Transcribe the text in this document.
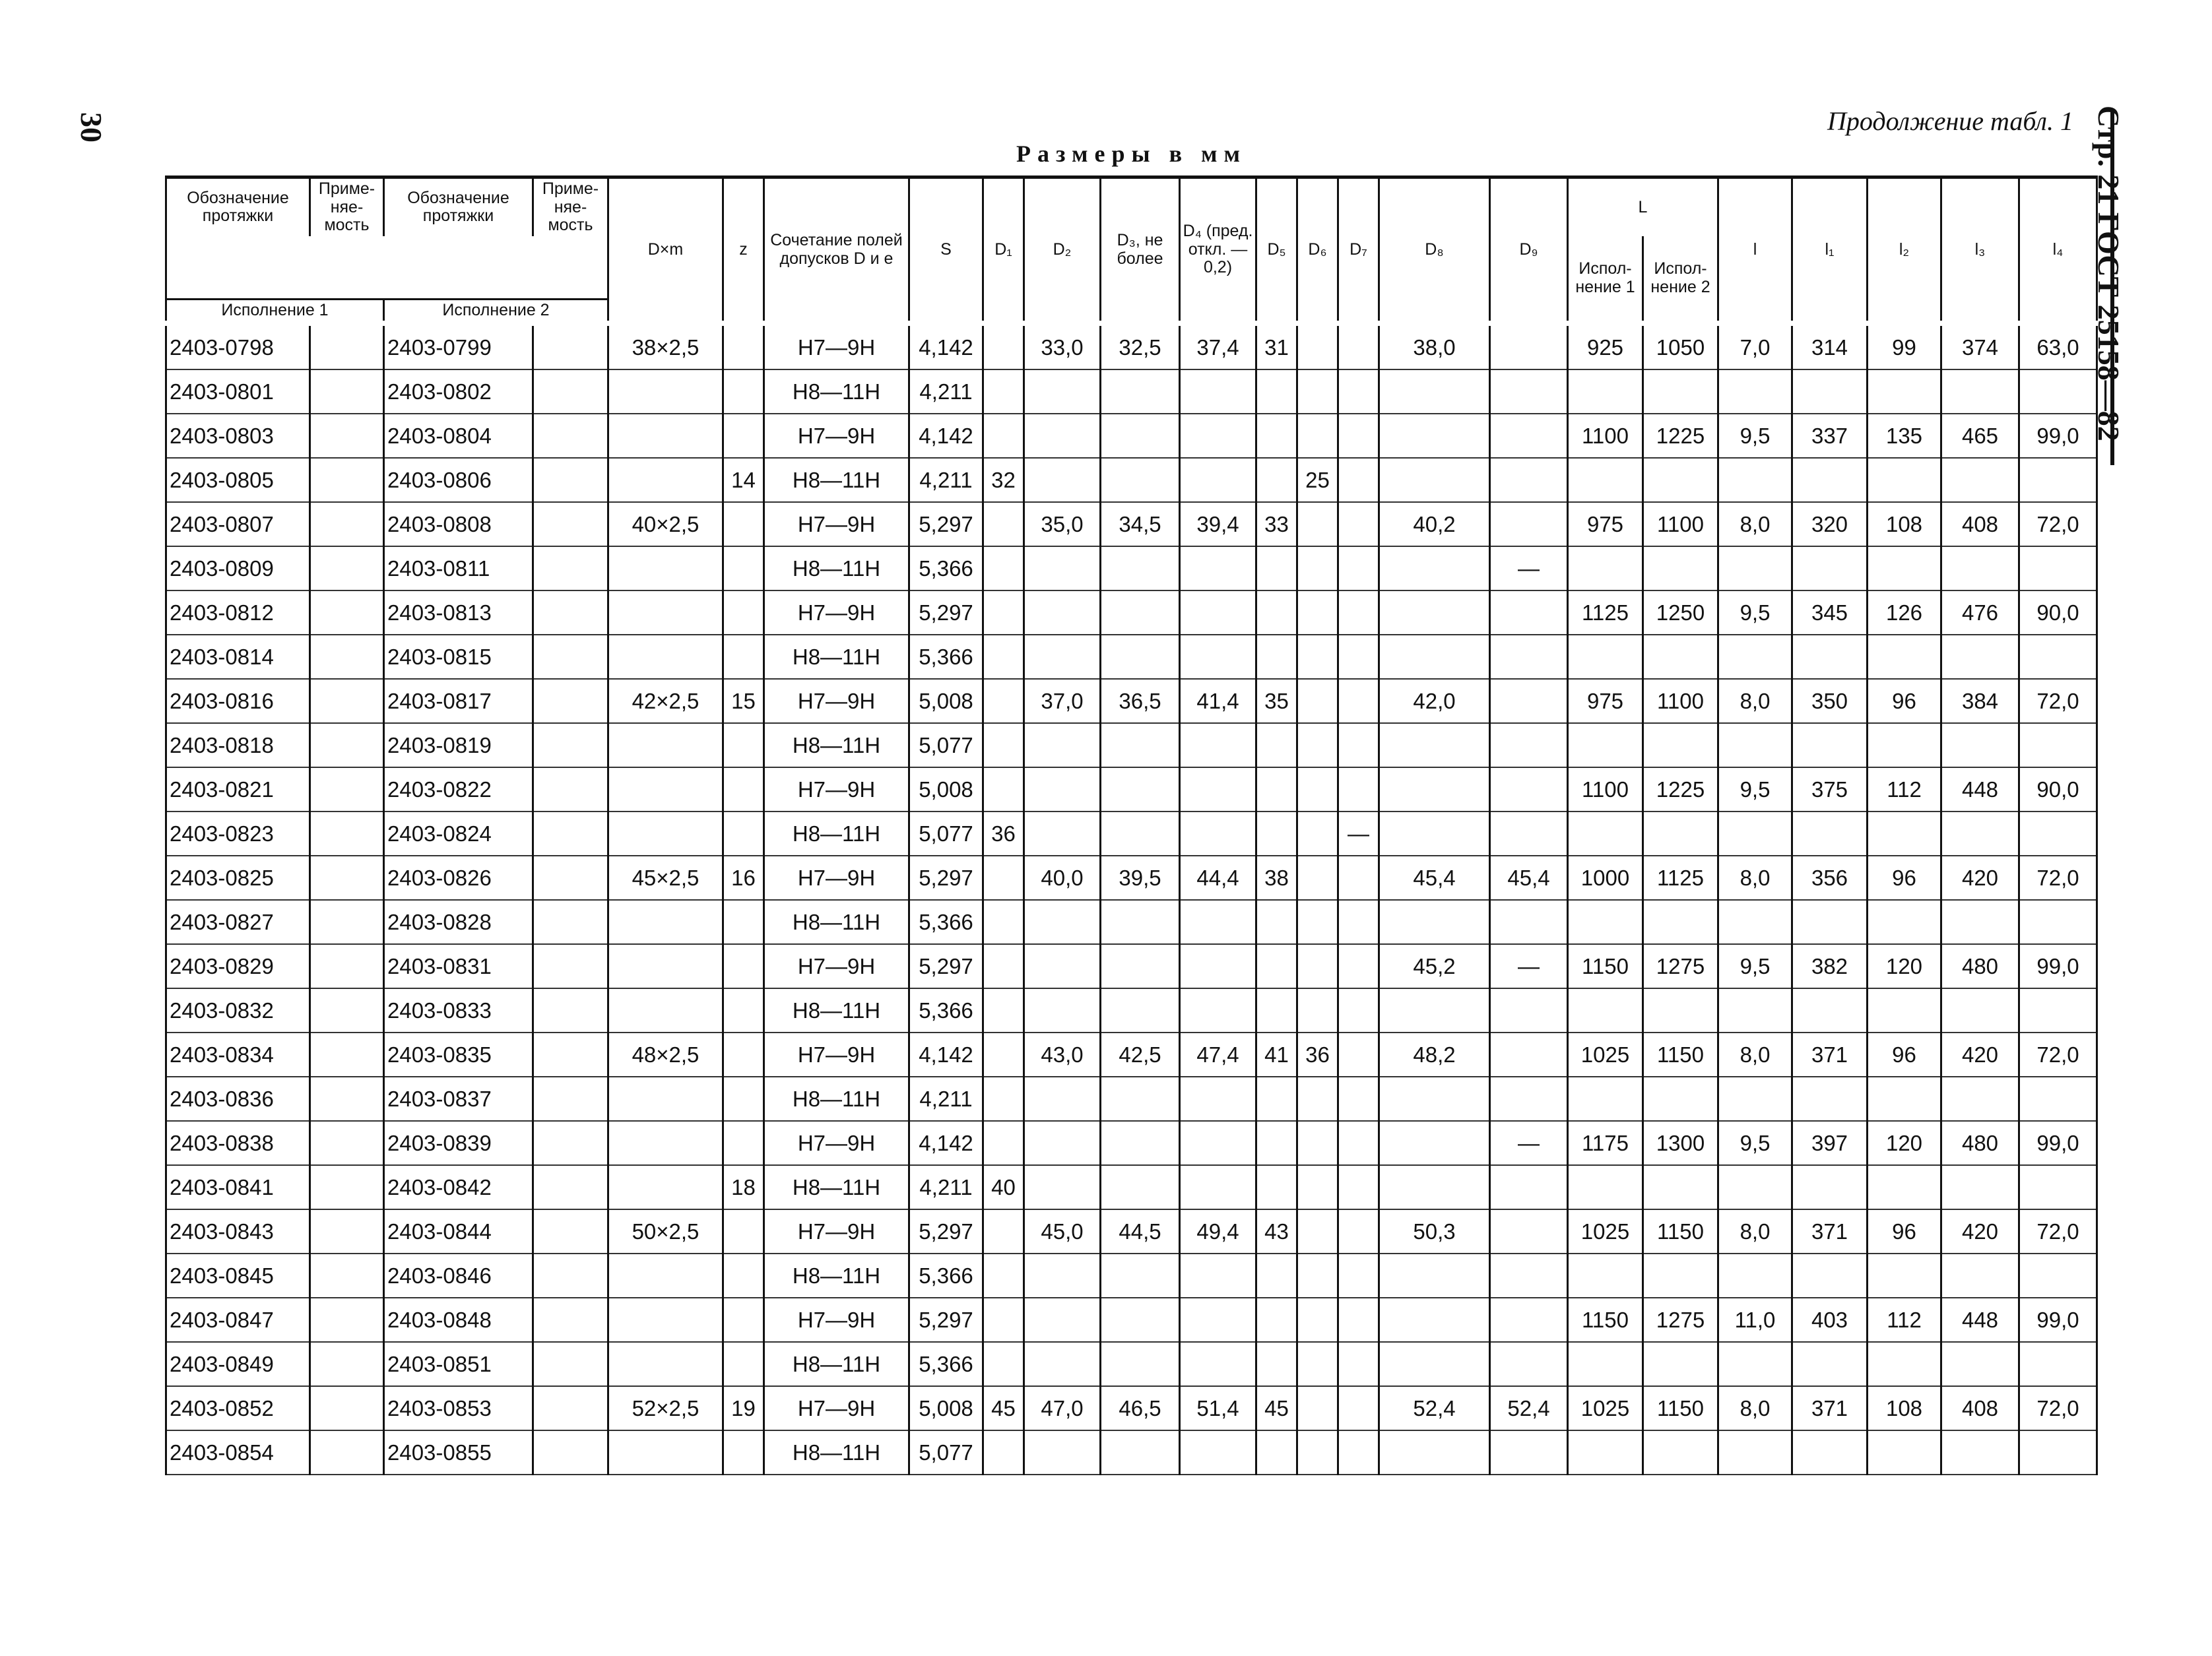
30	Продолжение табл. 1
Размеры в мм	Стр. 21 ГОСТ 25158—82
Обозначение протяжки	Приме-няе-мость	Обозначение протяжки	Приме-няе-мость	D×m	z	Сочетание полей допусков D и e	S	D₁	D₂	D₃, не более	D₄ (пред. откл. —0,2)	D₅	D₆	D₇	D₈	D₉	L		l	l₁	l₂	l₃	l₄
																	Испол-нение 1	Испол-нение 2					
Исполнение 1		Исполнение 2																					
2403-0798		2403-0799		38×2,5		H7—9H	4,142		33,0	32,5	37,4	31			38,0		925	1050	7,0	314	99	374	63,0
2403-0801		2403-0802				H8—11H	4,211																
2403-0803		2403-0804				H7—9H	4,142										1100	1225	9,5	337	135	465	99,0
2403-0805		2403-0806			14	H8—11H	4,211	32					25										
2403-0807		2403-0808		40×2,5		H7—9H	5,297		35,0	34,5	39,4	33			40,2		975	1100	8,0	320	108	408	72,0
2403-0809		2403-0811				H8—11H	5,366									—							
2403-0812		2403-0813				H7—9H	5,297										1125	1250	9,5	345	126	476	90,0
2403-0814		2403-0815				H8—11H	5,366																
2403-0816		2403-0817		42×2,5	15	H7—9H	5,008		37,0	36,5	41,4	35			42,0		975	1100	8,0	350	96	384	72,0
2403-0818		2403-0819				H8—11H	5,077																
2403-0821		2403-0822				H7—9H	5,008										1100	1225	9,5	375	112	448	90,0
2403-0823		2403-0824				H8—11H	5,077	36						—									
2403-0825		2403-0826		45×2,5	16	H7—9H	5,297		40,0	39,5	44,4	38			45,4	45,4	1000	1125	8,0	356	96	420	72,0
2403-0827		2403-0828				H8—11H	5,366																
2403-0829		2403-0831				H7—9H	5,297								45,2	—	1150	1275	9,5	382	120	480	99,0
2403-0832		2403-0833				H8—11H	5,366																
2403-0834		2403-0835		48×2,5		H7—9H	4,142		43,0	42,5	47,4	41	36		48,2		1025	1150	8,0	371	96	420	72,0
2403-0836		2403-0837				H8—11H	4,211																
2403-0838		2403-0839				H7—9H	4,142									—	1175	1300	9,5	397	120	480	99,0
2403-0841		2403-0842			18	H8—11H	4,211	40															
2403-0843		2403-0844		50×2,5		H7—9H	5,297		45,0	44,5	49,4	43			50,3		1025	1150	8,0	371	96	420	72,0
2403-0845		2403-0846				H8—11H	5,366																
2403-0847		2403-0848				H7—9H	5,297										1150	1275	11,0	403	112	448	99,0
2403-0849		2403-0851				H8—11H	5,366																
2403-0852		2403-0853		52×2,5	19	H7—9H	5,008	45	47,0	46,5	51,4	45			52,4	52,4	1025	1150	8,0	371	108	408	72,0
2403-0854		2403-0855				H8—11H	5,077																
